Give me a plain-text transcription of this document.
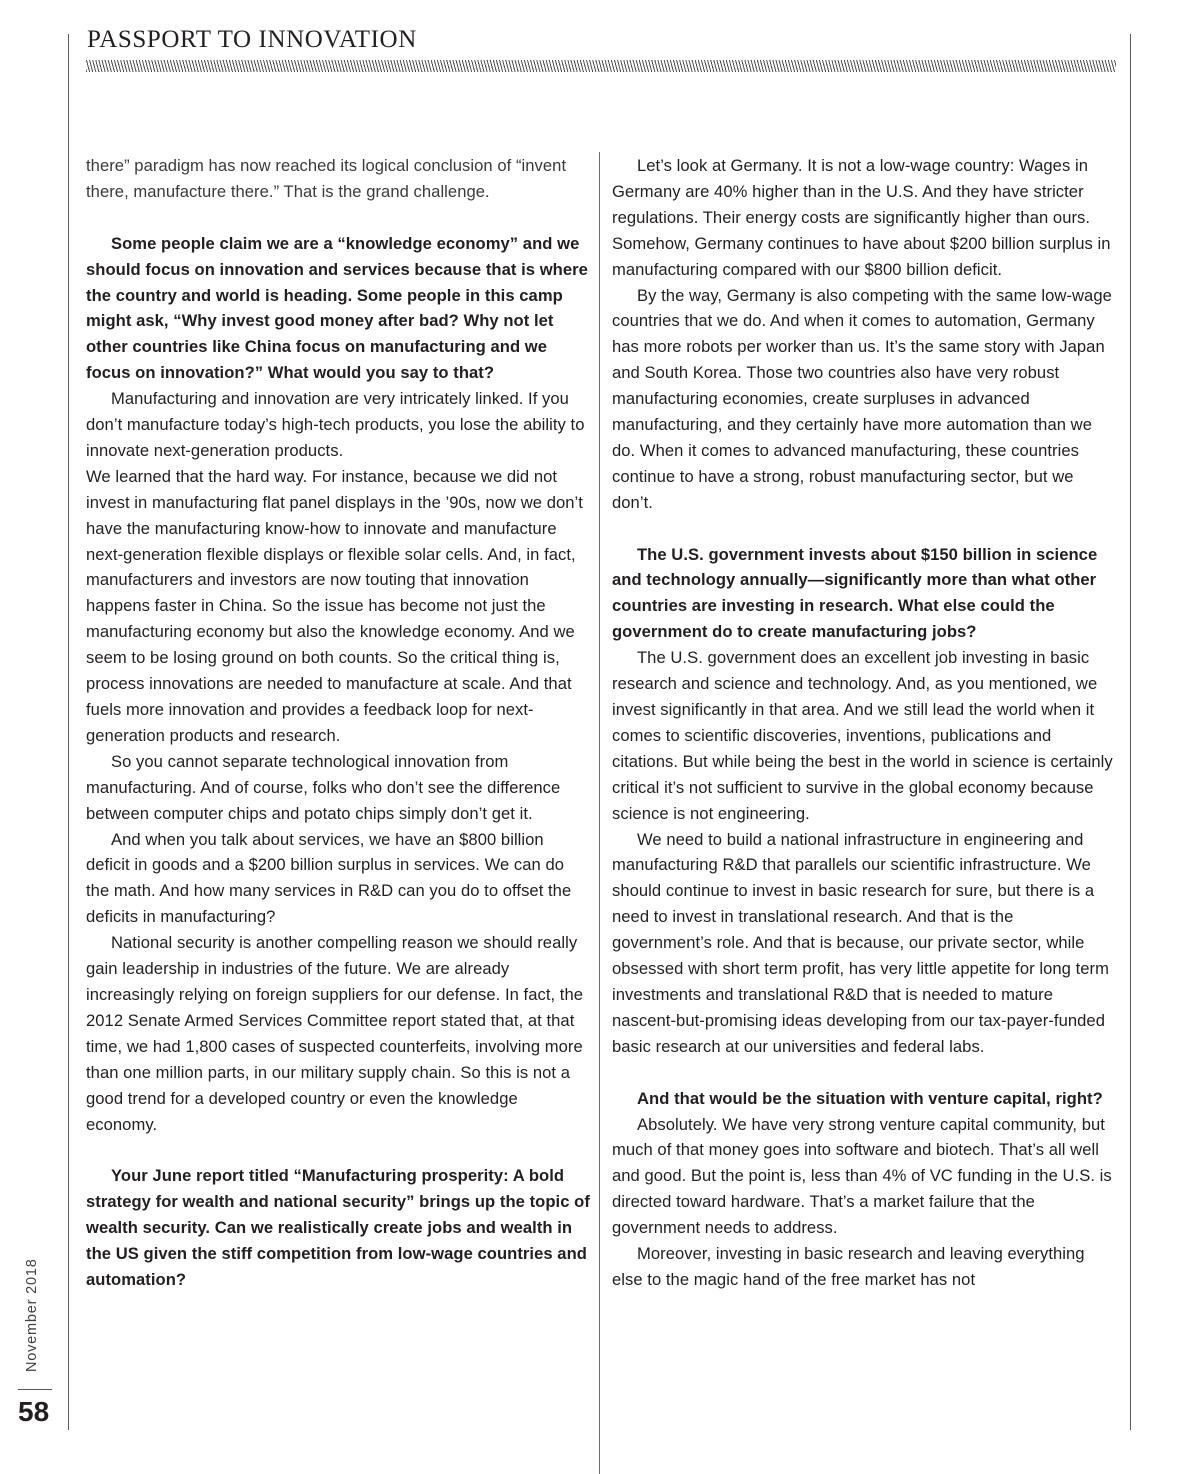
PASSPORT TO INNOVATION

there” paradigm has now reached its logical conclusion of “invent there, manufacture there.” That is the grand challenge.

Some people claim we are a “knowledge economy” and we should focus on innovation and services because that is where the country and world is heading. Some people in this camp might ask, “Why invest good money after bad? Why not let other countries like China focus on manufacturing and we focus on innovation?” What would you say to that?

Manufacturing and innovation are very intricately linked. If you don’t manufacture today’s high-tech products, you lose the ability to innovate next-generation products.

We learned that the hard way. For instance, because we did not invest in manufacturing flat panel displays in the ’90s, now we don’t have the manufacturing know-how to innovate and manufacture next-generation flexible displays or flexible solar cells. And, in fact, manufacturers and investors are now touting that innovation happens faster in China. So the issue has become not just the manufacturing economy but also the knowledge economy. And we seem to be losing ground on both counts. So the critical thing is, process innovations are needed to manufacture at scale. And that fuels more innovation and provides a feedback loop for next-generation products and research.

So you cannot separate technological innovation from manufacturing. And of course, folks who don’t see the difference between computer chips and potato chips simply don’t get it.

And when you talk about services, we have an $800 billion deficit in goods and a $200 billion surplus in services. We can do the math. And how many services in R&D can you do to offset the deficits in manufacturing?

National security is another compelling reason we should really gain leadership in industries of the future. We are already increasingly relying on foreign suppliers for our defense. In fact, the 2012 Senate Armed Services Committee report stated that, at that time, we had 1,800 cases of suspected counterfeits, involving more than one million parts, in our military supply chain. So this is not a good trend for a developed country or even the knowledge economy.

Your June report titled “Manufacturing prosperity: A bold strategy for wealth and national security” brings up the topic of wealth security. Can we realistically create jobs and wealth in the US given the stiff competition from low-wage countries and automation?

Let’s look at Germany. It is not a low-wage country: Wages in Germany are 40% higher than in the U.S. And they have stricter regulations. Their energy costs are significantly higher than ours. Somehow, Germany continues to have about $200 billion surplus in manufacturing compared with our $800 billion deficit.

By the way, Germany is also competing with the same low-wage countries that we do. And when it comes to automation, Germany has more robots per worker than us. It’s the same story with Japan and South Korea. Those two countries also have very robust manufacturing economies, create surpluses in advanced manufacturing, and they certainly have more automation than we do. When it comes to advanced manufacturing, these countries continue to have a strong, robust manufacturing sector, but we don’t.

The U.S. government invests about $150 billion in science and technology annually—significantly more than what other countries are investing in research. What else could the government do to create manufacturing jobs?

The U.S. government does an excellent job investing in basic research and science and technology. And, as you mentioned, we invest significantly in that area. And we still lead the world when it comes to scientific discoveries, inventions, publications and citations. But while being the best in the world in science is certainly critical it’s not sufficient to survive in the global economy because science is not engineering.

We need to build a national infrastructure in engineering and manufacturing R&D that parallels our scientific infrastructure. We should continue to invest in basic research for sure, but there is a need to invest in translational research. And that is the government’s role. And that is because, our private sector, while obsessed with short term profit, has very little appetite for long term investments and translational R&D that is needed to mature nascent-but-promising ideas developing from our tax-payer-funded basic research at our universities and federal labs.

And that would be the situation with venture capital, right?

Absolutely. We have very strong venture capital community, but much of that money goes into software and biotech. That’s all well and good. But the point is, less than 4% of VC funding in the U.S. is directed toward hardware. That’s a market failure that the government needs to address.

Moreover, investing in basic research and leaving everything else to the magic hand of the free market has not

November 2018

58
